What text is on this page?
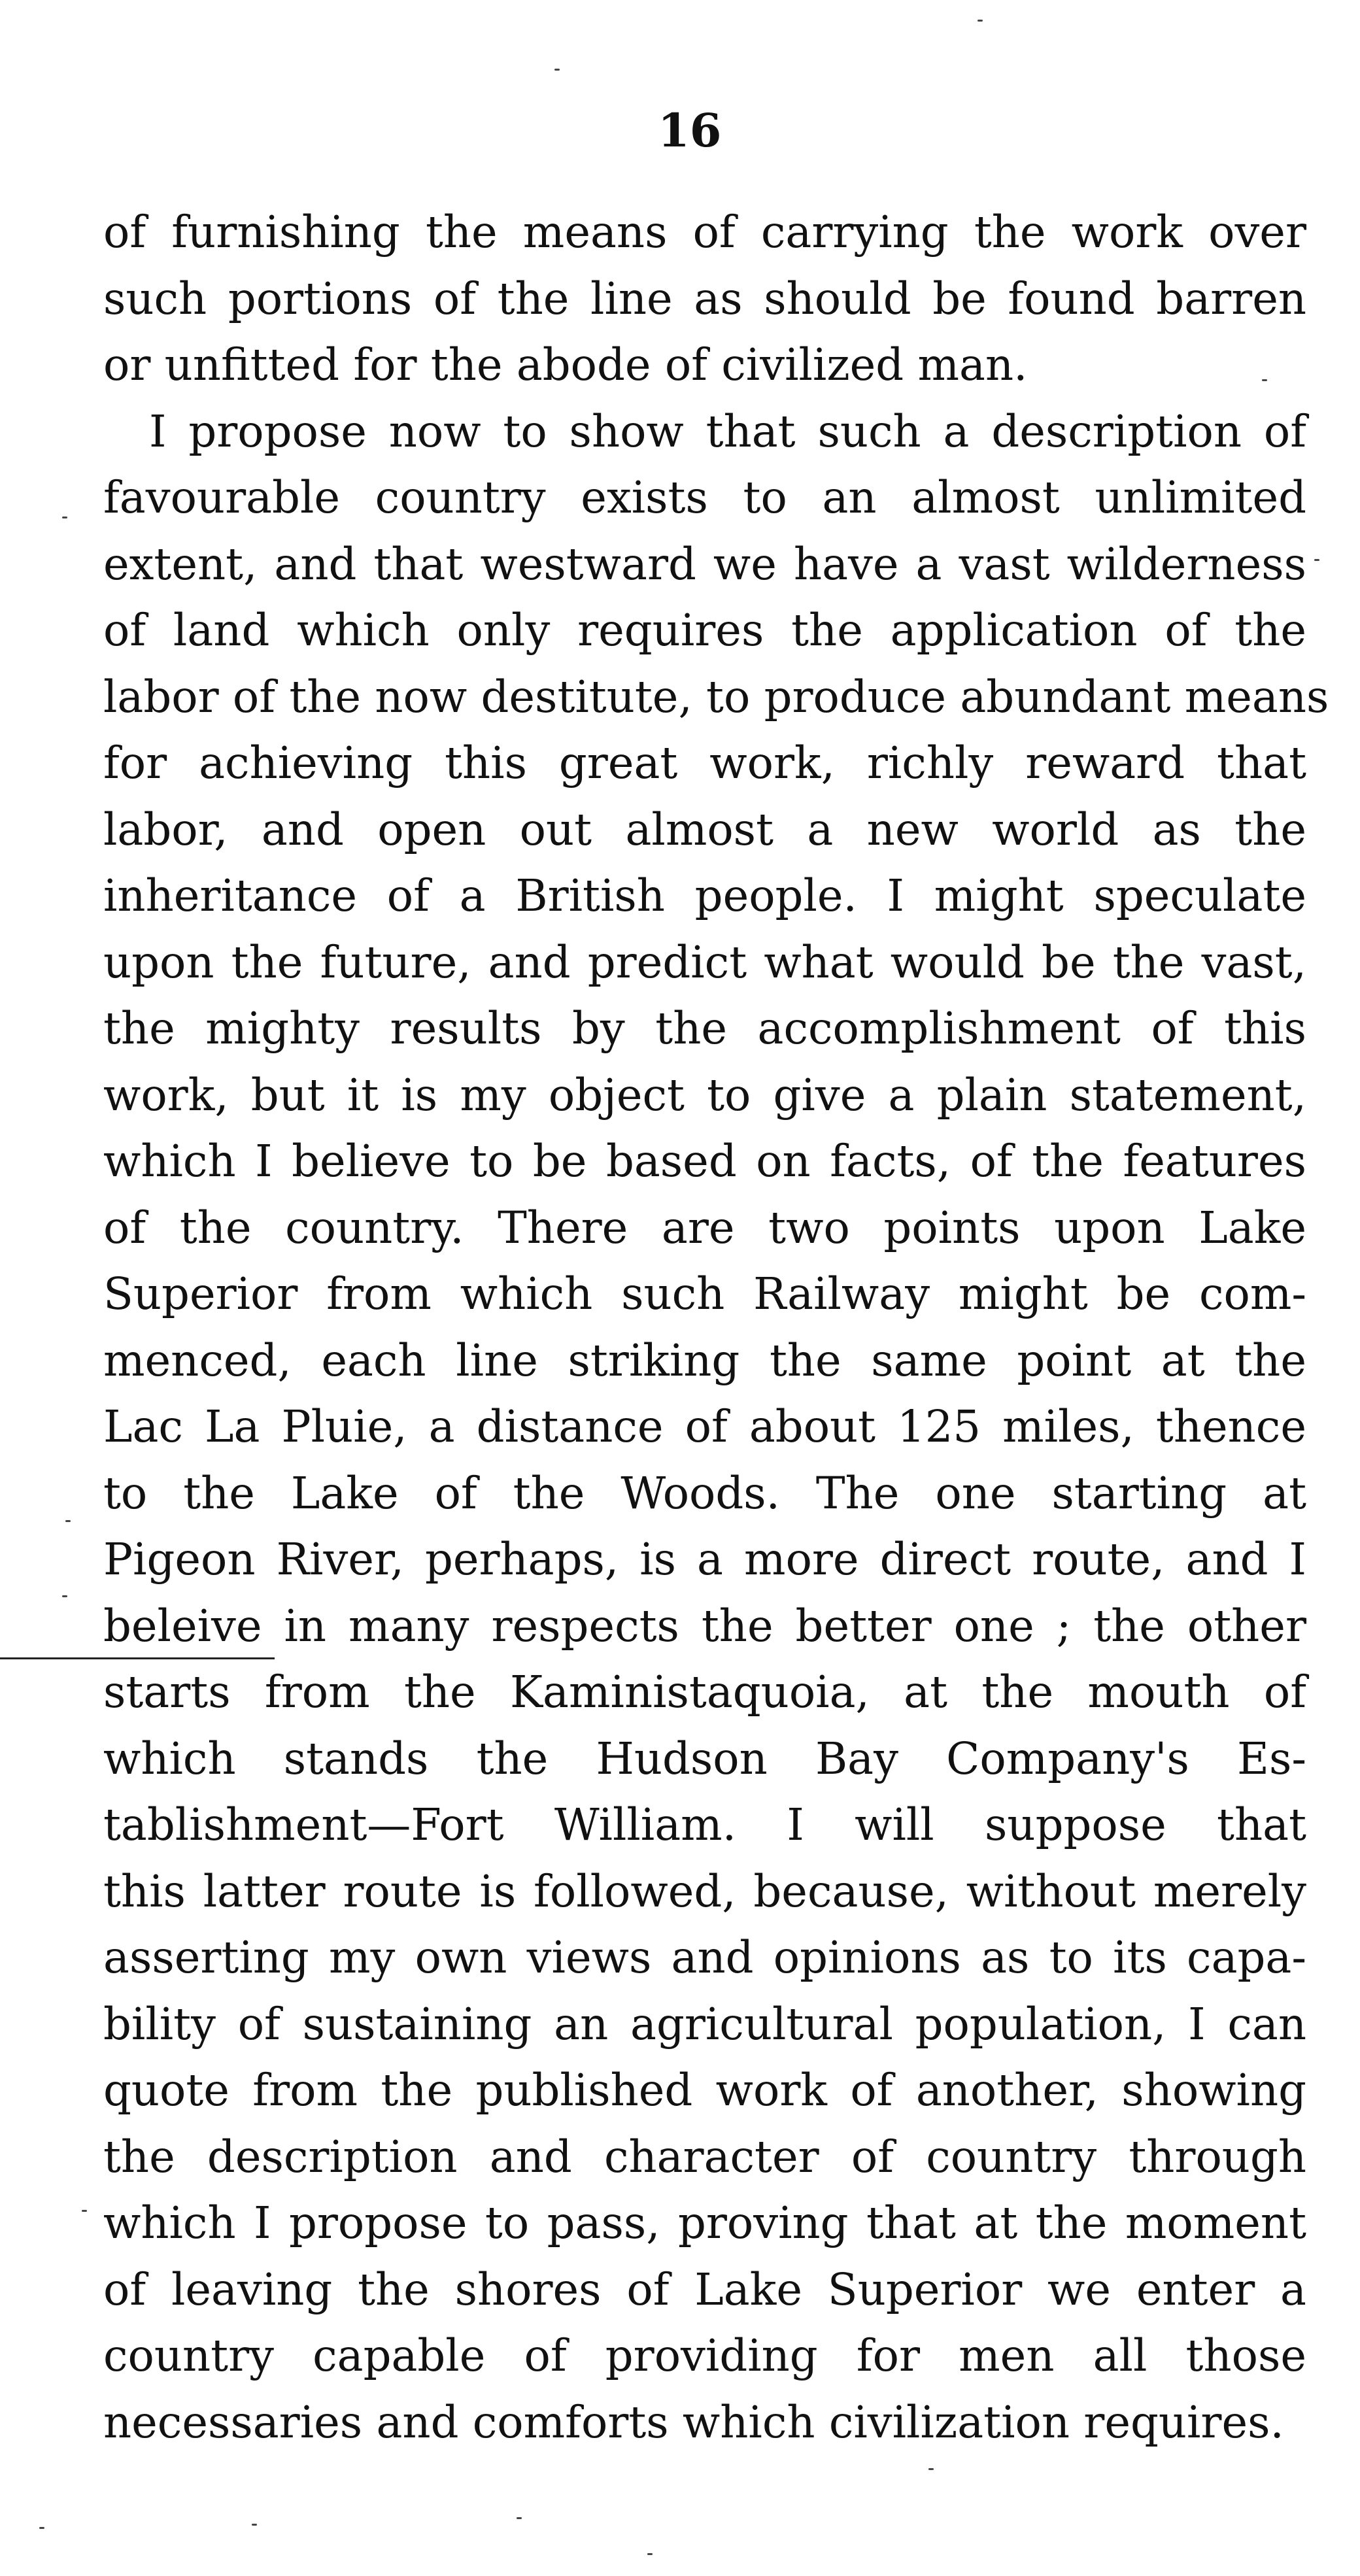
16
of furnishing the means of carrying the work over
such portions of the line as should be found barren
or unfitted for the abode of civilized man.
I propose now to show that such a description of
favourable country exists to an almost unlimited
extent, and that westward we have a vast wilderness
of land which only requires the application of the
labor of the now destitute, to produce abundant means
for achieving this great work, richly reward that
labor, and open out almost a new world as the
inheritance of a British people. I might speculate
upon the future, and predict what would be the vast,
the mighty results by the accomplishment of this
work, but it is my object to give a plain statement,
which I believe to be based on facts, of the features
of the country. There are two points upon Lake
Superior from which such Railway might be com-
menced, each line striking the same point at the
Lac La Pluie, a distance of about 125 miles, thence
to the Lake of the Woods. The one starting at
Pigeon River, perhaps, is a more direct route, and I
beleive in many respects the better one ; the other
starts from the Kaministaquoia, at the mouth of
which stands the Hudson Bay Company's Es-
tablishment—Fort William. I will suppose that
this latter route is followed, because, without merely
asserting my own views and opinions as to its capa-
bility of sustaining an agricultural population, I can
quote from the published work of another, showing
the description and character of country through
which I propose to pass, proving that at the moment
of leaving the shores of Lake Superior we enter a
country capable of providing for men all those
necessaries and comforts which civilization requires.
